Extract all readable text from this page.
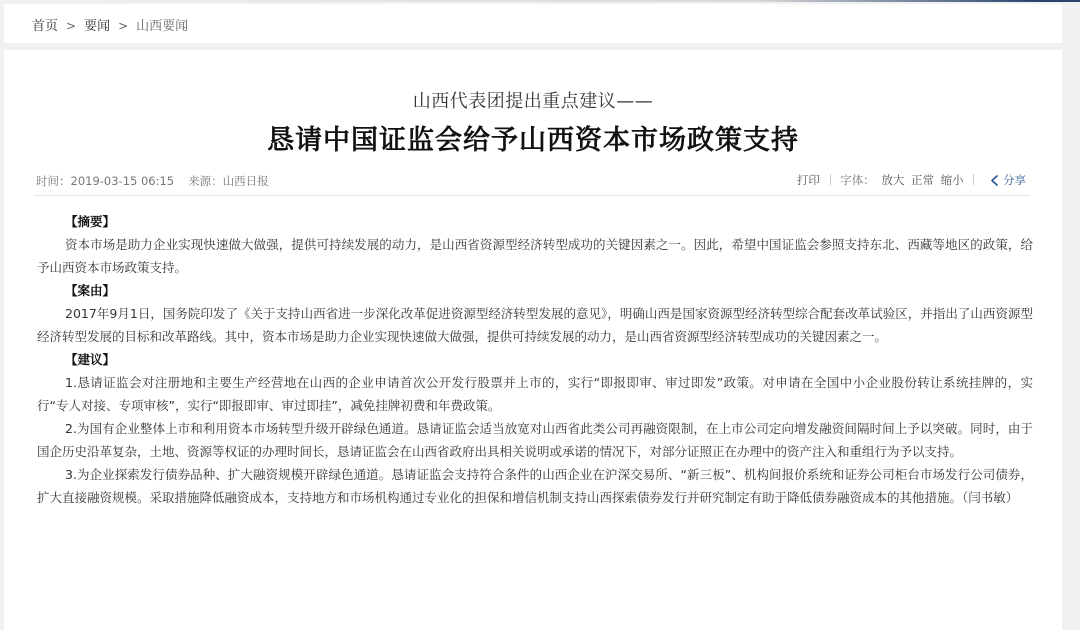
首页 > 要闻 > 山西要闻
山西代表团提出重点建议——
恳请中国证监会给予山西资本市场政策支持
时间：2019-03-15 06:15 来源：山西日报	打印 字体： 放大 正常 缩小	分享

【摘要】

资本市场是助力企业实现快速做大做强，提供可持续发展的动力，是山西省资源型经济转型成功的关键因素之一。因此，希望中国证监会参照支持东北、西藏等地区的政策，给予山西资本市场政策支持。

【案由】

2017年9月1日，国务院印发了《关于支持山西省进一步深化改革促进资源型经济转型发展的意见》，明确山西是国家资源型经济转型综合配套改革试验区，并指出了山西资源型经济转型发展的目标和改革路线。其中，资本市场是助力企业实现快速做大做强，提供可持续发展的动力，是山西省资源型经济转型成功的关键因素之一。

【建议】

1.恳请证监会对注册地和主要生产经营地在山西的企业申请首次公开发行股票并上市的，实行“即报即审、审过即发”政策。对申请在全国中小企业股份转让系统挂牌的，实行“专人对接、专项审核”，实行“即报即审、审过即挂”，减免挂牌初费和年费政策。

2.为国有企业整体上市和利用资本市场转型升级开辟绿色通道。恳请证监会适当放宽对山西省此类公司再融资限制，在上市公司定向增发融资间隔时间上予以突破。同时，由于国企历史沿革复杂，土地、资源等权证的办理时间长，恳请证监会在山西省政府出具相关说明或承诺的情况下，对部分证照正在办理中的资产注入和重组行为予以支持。

3.为企业探索发行债券品种、扩大融资规模开辟绿色通道。恳请证监会支持符合条件的山西企业在沪深交易所、“新三板”、机构间报价系统和证券公司柜台市场发行公司债券，扩大直接融资规模。采取措施降低融资成本，支持地方和市场机构通过专业化的担保和增信机制支持山西探索债券发行并研究制定有助于降低债券融资成本的其他措施。（闫书敏）
